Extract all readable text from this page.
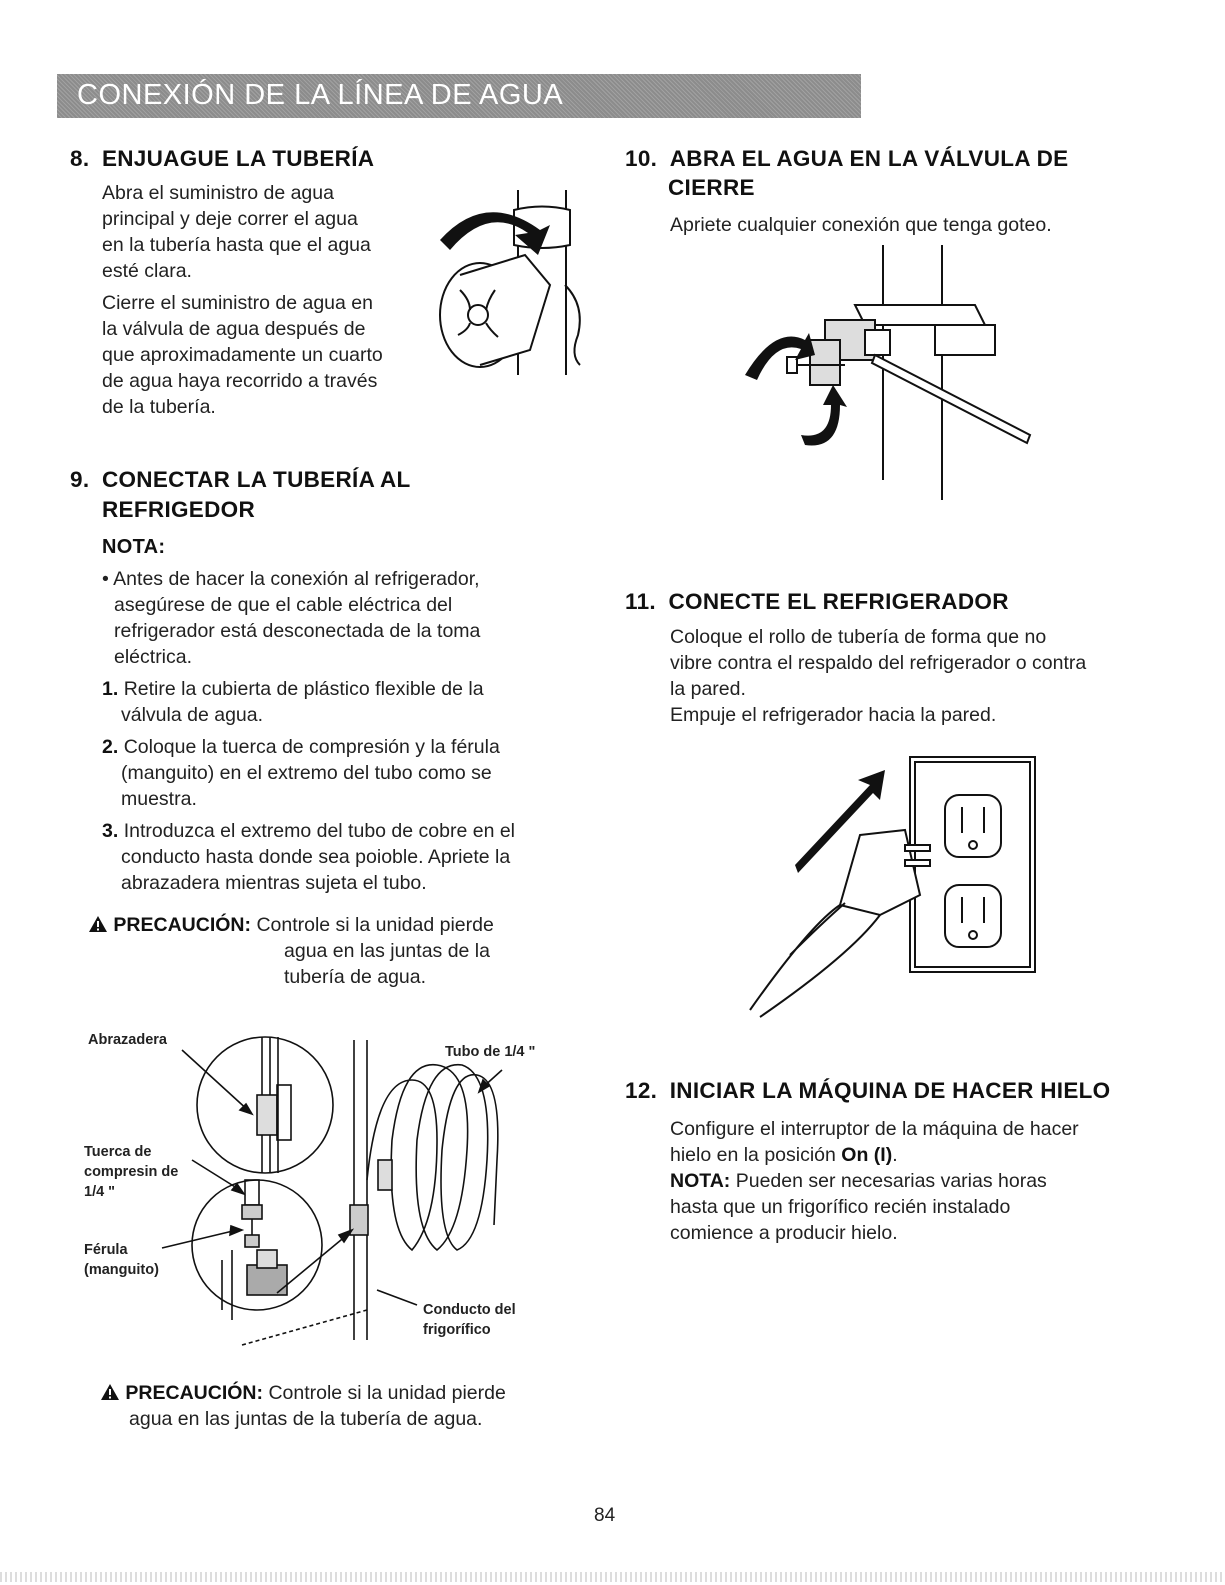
CONEXIÓN DE LA LÍNEA DE AGUA
8. ENJUAGUE LA TUBERÍA

Abra el suministro de agua
principal y deje correr el agua
en la tubería hasta que el agua
esté clara.

Cierre el suministro de agua en
la válvula de agua después de
que aproximadamente un cuarto
de agua haya recorrido a través
de la tubería.

9. CONECTAR LA TUBERÍA AL
REFRIGEDOR
NOTA:
• Antes de hacer la conexión al refrigerador,
asegúrese de que el cable eléctrica del
refrigerador está desconectada de la toma
eléctrica.
1. Retire la cubierta de plástico flexible de la
válvula de agua.
2. Coloque la tuerca de compresión y la férula
(manguito) en el extremo del tubo como se
muestra.
3. Introduzca el extremo del tubo de cobre en el
conducto hasta donde sea poioble. Apriete la
abrazadera mientras sujeta el tubo.
PRECAUCIÓN: Controle si la unidad pierde
agua en las juntas de la
tubería de agua.
Abrazadera
Tuerca de
compresin de
1/4 "
Férula
(manguito)
Tubo de 1/4 "
Conducto del
frigorífico
PRECAUCIÓN: Controle si la unidad pierde
agua en las juntas de la tubería de agua.
10. ABRA EL AGUA EN LA VÁLVULA DE
CIERRE
Apriete cualquier conexión que tenga goteo.
11. CONECTE EL REFRIGERADOR
Coloque el rollo de tubería de forma que no
vibre contra el respaldo del refrigerador o contra
la pared.
Empuje el refrigerador hacia la pared.
12. INICIAR LA MÁQUINA DE HACER HIELO
Configure el interruptor de la máquina de hacer
hielo en la posición On (I).
NOTA: Pueden ser necesarias varias horas
hasta que un frigorífico recién instalado
comience a producir hielo.
84
